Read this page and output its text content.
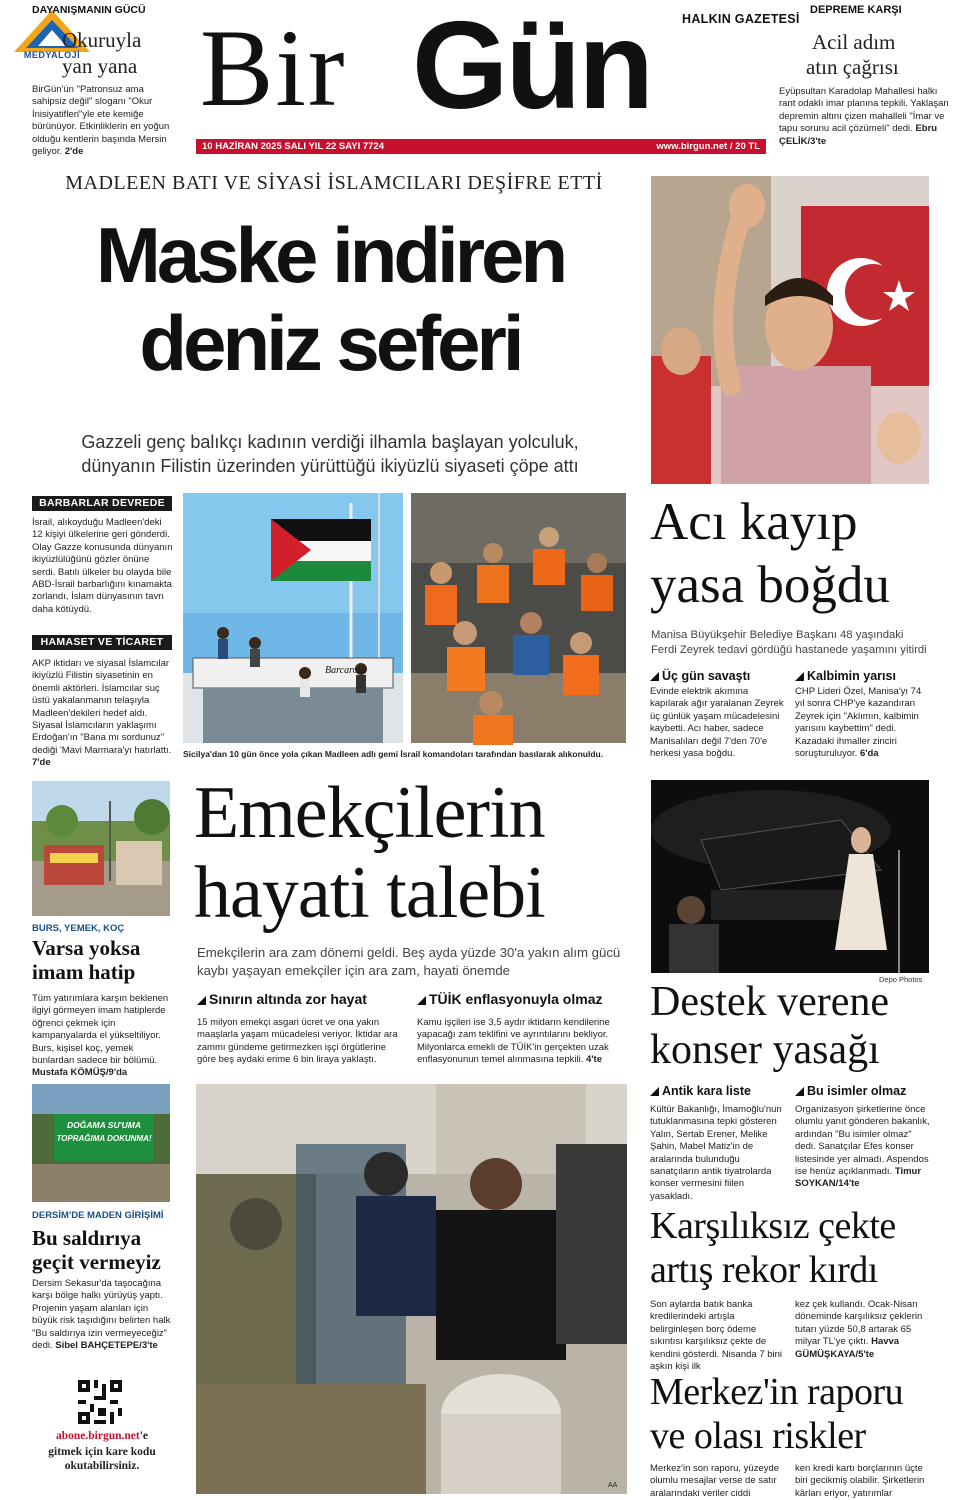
MEDYALOJİ
DAYANIŞMANIN GÜCÜ
Okuruyla
yan yana

BirGün'ün "Patronsuz ama sahipsiz değil" sloganı "Okur İnisiyatifleri"yle ete kemiğe bürünüyor. Etkinliklerin en yoğun olduğu kentlerin başında Mersin geliyor. 2'de

Bir Gün HALKIN GAZETESİ
10 HAZİRAN 2025 SALI YIL 22 SAYI 7724	www.birgun.net / 20 TL
DEPREME KARŞI
Acil adım
atın çağrısı

Eyüpsultan Karadolap Mahallesi halkı rant odaklı imar planına tepkili. Yaklaşan depremin altını çizen mahalleli "İmar ve tapu sorunu acil çözümeli" dedi. Ebru ÇELİK/3'te

MADLEEN BATI VE SİYASİ İSLAMCILARI DEŞİFRE ETTİ
Maske indiren
deniz seferi
Gazzeli genç balıkçı kadının verdiği ilhamla başlayan yolculuk,
dünyanın Filistin üzerinden yürüttüğü ikiyüzlü siyaseti çöpe attı
BARBARLAR DEVREDE

İsrail, alıkoyduğu Madleen'deki 12 kişiyi ülkelerine geri gönderdi. Olay Gazze konusunda dünyanın ikiyüzlülüğünü gözler önüne serdi. Batılı ülkeler bu olayda bile ABD-İsrail barbarlığını kınamakta zorlandı, İslam dünyasının tavrı daha kötüydü.

HAMASET VE TİCARET

AKP iktidarı ve siyasal İslamcılar ikiyüzlü Filistin siyasetinin en önemli aktörleri. İslamcılar suç üstü yakalanmanın telaşıyla Madleen'dekileri hedef aldı. Siyasal İslamcıların yaklaşımı Erdoğan'ın "Bana mı sordunuz" dediği 'Mavi Marmara'yı hatırlattı. 7'de

Barcarola
Sicilya'dan 10 gün önce yola çıkan Madleen adlı gemi İsrail komandoları tarafından basılarak alıkonuldu.
Acı kayıp
yasa boğdu
Manisa Büyükşehir Belediye Başkanı 48 yaşındaki Ferdi Zeyrek tedavi gördüğü hastanede yaşamını yitirdi
Üç gün savaştı

Evinde elektrik akımına kapılarak ağır yaralanan Zeyrek üç günlük yaşam mücadelesini kaybetti. Acı haber, sadece Manisalıları değil 7'den 70'e herkesi yasa boğdu.

Kalbimin yarısı

CHP Lideri Özel, Manisa'yı 74 yıl sonra CHP'ye kazandıran Zeyrek için "Aklımın, kalbimin yarısını kaybettim" dedi. Kazadaki ihmaller zinciri soruşturuluyor. 6'da

BURS, YEMEK, KOÇ
Varsa yoksa
imam hatip

Tüm yatırımlara karşın beklenen ilgiyi görmeyen imam hatiplerde öğrenci çekmek için kampanyalarda el yükseltiliyor. Burs, kişisel koç, yemek bunlardan sadece bir bölümü. Mustafa KÖMÜŞ/9'da

DOĞAMA SU'UMA
TOPRAĞIMA DOKUNMA!
DERSİM'DE MADEN GİRİŞİMİ
Bu saldırıya
geçit vermeyiz

Dersim Sekasur'da taşocağına karşı bölge halkı yürüyüş yaptı. Projenin yaşam alanları için büyük risk taşıdığını belirten halk "Bu saldırıya izin vermeyeceğiz" dedi. Sibel BAHÇETEPE/3'te

abone.birgun.net'e
gitmek için kare kodu okutabilirsiniz.
Emekçilerin
hayati talebi
Emekçilerin ara zam dönemi geldi. Beş ayda yüzde 30'a yakın alım gücü kaybı yaşayan emekçiler için ara zam, hayati önemde
Sınırın altında zor hayat

15 milyon emekçi asgari ücret ve ona yakın maaşlarla yaşam mücadelesi veriyor. İktidar ara zammı gündeme getirmezken işçi örgütlerine göre beş aydaki erime 6 bin liraya yaklaştı.

TÜİK enflasyonuyla olmaz

Kamu işçileri ise 3,5 aydır iktidarın kendilerine yapacağı zam teklifini ve ayrıntılarını bekliyor. Milyonlarca emekli de TÜİK'in gerçekten uzak enflasyonunun temel alınmasına tepkili. 4'te

AA
Depo Photos
Destek verene
konser yasağı
Antik kara liste

Kültür Bakanlığı, İmamoğlu'nun tutuklanmasına tepki gösteren Yalın, Sertab Erener, Melike Şahin, Mabel Matiz'in de aralarında bulunduğu sanatçıların antik tiyatrolarda konser vermesini fiilen yasakladı.

Bu isimler olmaz

Organizasyon şirketlerine önce olumlu yanıt gönderen bakanlık, ardından "Bu isimler olmaz" dedi. Sanatçılar Efes konser listesinde yer almadı. Aspendos ise henüz açıklanmadı. Timur SOYKAN/14'te

Karşılıksız çekte
artış rekor kırdı

Son aylarda batık banka kredilerindeki artışla belirginleşen borç ödeme sıkıntısı karşılıksız çekte de kendini gösterdi. Nisanda 7 bini aşkın kişi ilk

kez çek kullandı. Ocak-Nisan döneminde karşılıksız çeklerin tutarı yüzde 50,8 artarak 65 milyar TL'ye çıktı. Havva GÜMÜŞKAYA/5'te

Merkez'in raporu
ve olası riskler

Merkez'in son raporu, yüzeyde olumlu mesajlar verse de satır aralarındaki veriler ciddi

ken kredi kartı borçlarının üçte biri gecikmiş olabilir. Şirketlerin kârları eriyor, yatırımlar
